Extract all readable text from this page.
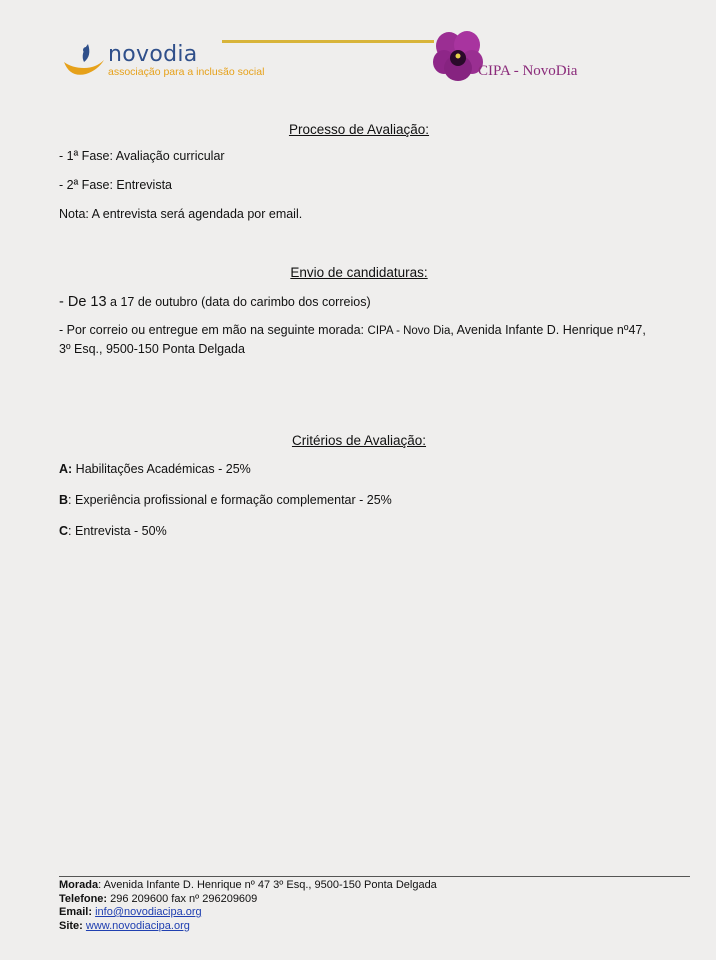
novodia
associação para a inclusão social	CIPA - NovoDia
Processo de Avaliação:
- 1ª Fase: Avaliação curricular
- 2ª Fase: Entrevista
Nota: A entrevista será agendada por email.
Envio de candidaturas:
- De 13 a 17 de outubro (data do carimbo dos correios)
- Por correio ou entregue em mão na seguinte morada: CIPA - Novo Dia, Avenida Infante D. Henrique nº47, 3º Esq., 9500-150 Ponta Delgada
Critérios de Avaliação:
A: Habilitações Académicas - 25%
B: Experiência profissional e formação complementar - 25%
C: Entrevista - 50%
Morada: Avenida Infante D. Henrique nº 47 3º Esq., 9500-150 Ponta Delgada
Telefone: 296 209600 fax nº 296209609
Email: info@novodiacipa.org
Site: www.novodiacipa.org
